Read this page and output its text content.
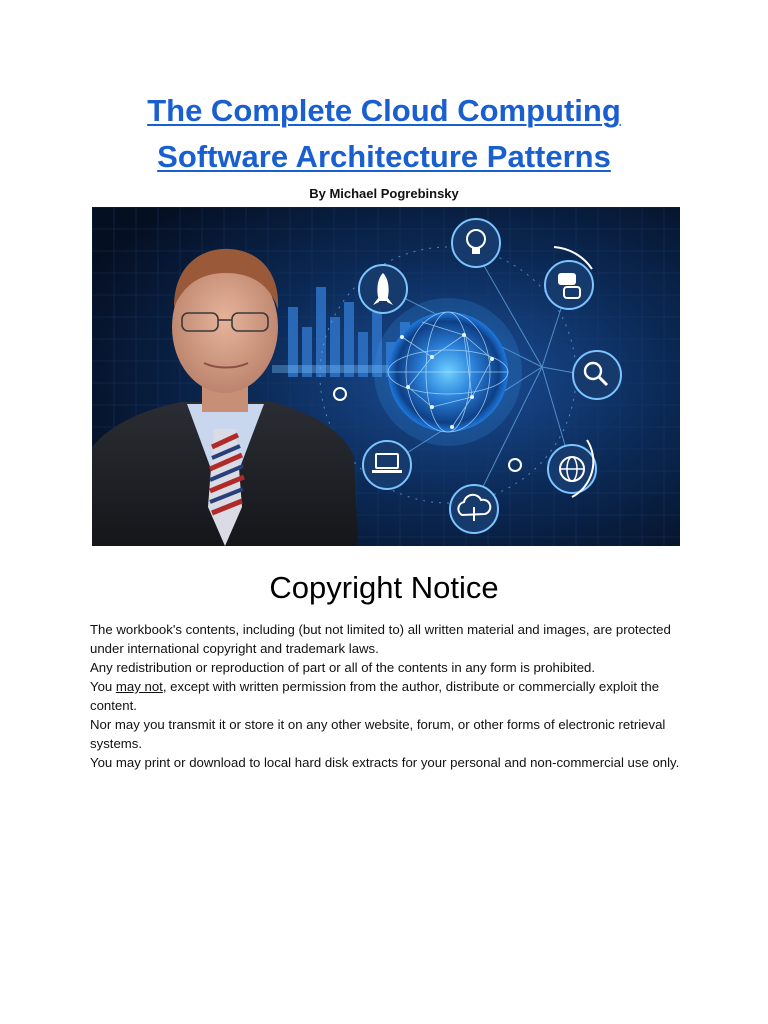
The Complete Cloud Computing
Software Architecture Patterns
By Michael Pogrebinsky
Copyright Notice

The workbook's contents, including (but not limited to) all written material and images, are protected under international copyright and trademark laws.

Any redistribution or reproduction of part or all of the contents in any form is prohibited.

You may not, except with written permission from the author, distribute or commercially exploit the content.

Nor may you transmit it or store it on any other website, forum, or other forms of electronic retrieval systems.

You may print or download to local hard disk extracts for your personal and non-commercial use only.
